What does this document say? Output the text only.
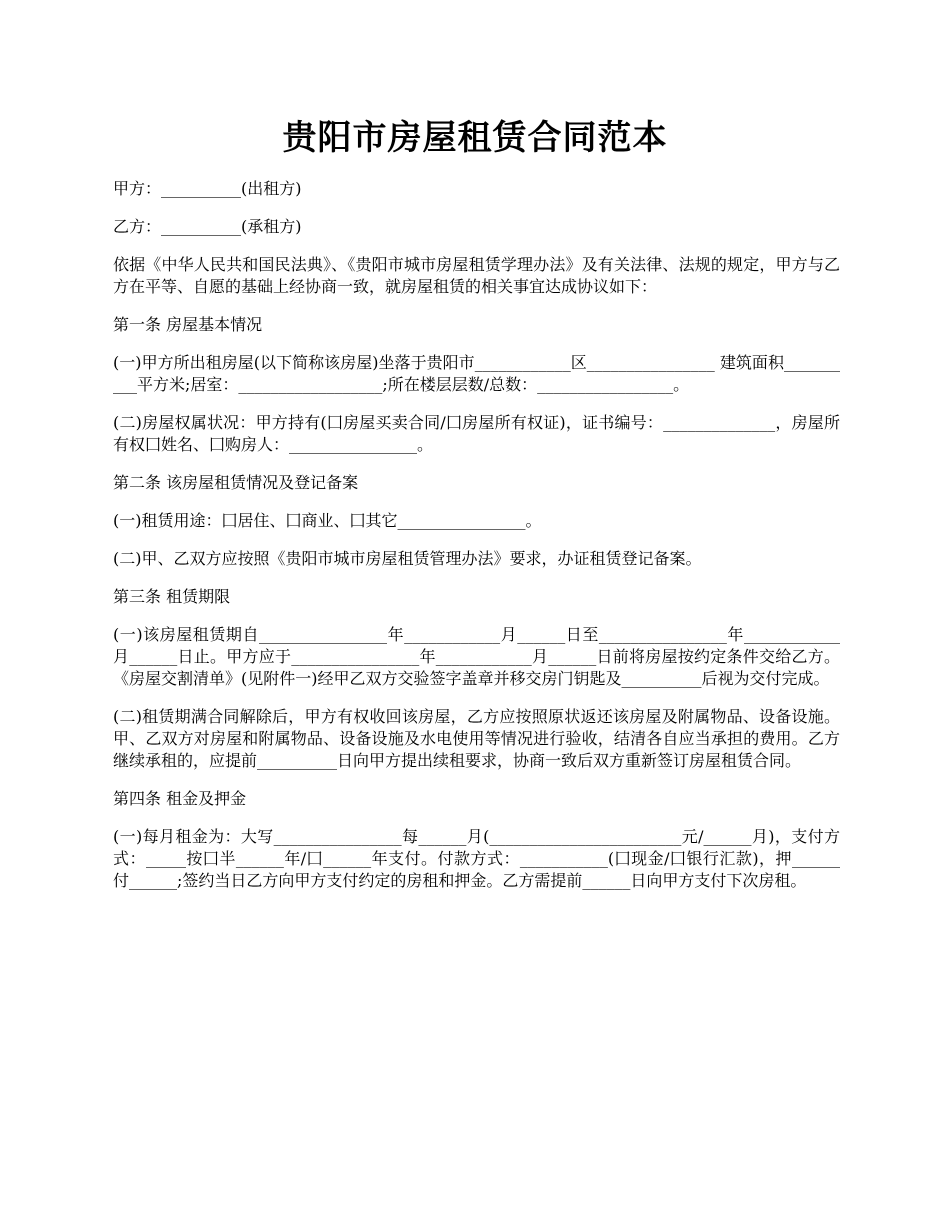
贵阳市房屋租赁合同范本

甲方：__________(出租方)

乙方：__________(承租方)

依据《中华人民共和国民法典》、《贵阳市城市房屋租赁学理办法》及有关法律、法规的规定，甲方与乙方在平等、自愿的基础上经协商一致，就房屋租赁的相关事宜达成协议如下：

第一条 房屋基本情况

(一)甲方所出租房屋(以下简称该房屋)坐落于贵阳市____________区________________ 建筑面积__________平方米;居室：__________________;所在楼层层数/总数：_________________。

(二)房屋权属状况：甲方持有(囗房屋买卖合同/囗房屋所有权证)，证书编号：______________，房屋所有权囗姓名、囗购房人：________________。

第二条 该房屋租赁情况及登记备案

(一)租赁用途：囗居住、囗商业、囗其它________________。

(二)甲、乙双方应按照《贵阳市城市房屋租赁管理办法》要求，办证租赁登记备案。

第三条 租赁期限

(一)该房屋租赁期自________________年____________月______日至________________年____________月______日止。甲方应于________________年____________月______日前将房屋按约定条件交给乙方。《房屋交割清单》(见附件一)经甲乙双方交验签字盖章并移交房门钥匙及__________后视为交付完成。

(二)租赁期满合同解除后，甲方有权收回该房屋，乙方应按照原状返还该房屋及附属物品、设备设施。甲、乙双方对房屋和附属物品、设备设施及水电使用等情况进行验收，结清各自应当承担的费用。乙方继续承租的，应提前__________日向甲方提出续租要求，协商一致后双方重新签订房屋租赁合同。

第四条 租金及押金

(一)每月租金为：大写________________每______月(________________________元/______月)，支付方式：_____按囗半______年/囗______年支付。付款方式：___________(囗现金/囗银行汇款)，押______付______;签约当日乙方向甲方支付约定的房租和押金。乙方需提前______日向甲方支付下次房租。
